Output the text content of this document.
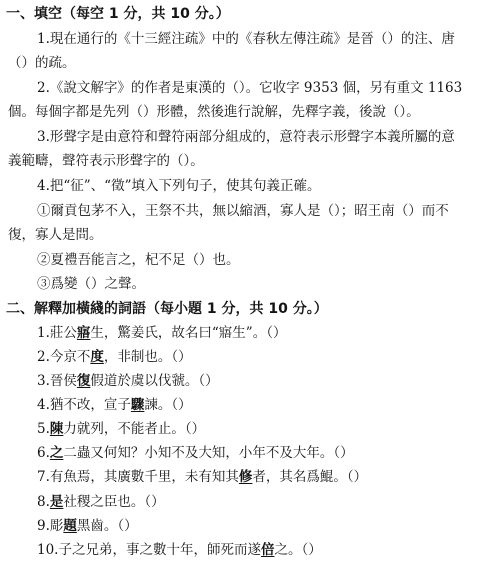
一、填空（每空 1 分，共 10 分。）
1.現在通行的《十三經注疏》中的《春秋左傳注疏》是晉（）的注、唐
（）的疏。
2.《說文解字》的作者是東漢的（）。它收字 9353 個，另有重文 1163
個。每個字都是先列（）形體，然後進行說解，先釋字義，後說（）。
3.形聲字是由意符和聲符兩部分組成的，意符表示形聲字本義所屬的意
義範疇，聲符表示形聲字的（）。
4.把“征”、“徵”填入下列句子，使其句義正確。
①爾貢包茅不入，王祭不共，無以縮酒，寡人是（）；昭王南（）而不
復，寡人是問。
②夏禮吾能言之，杞不足（）也。
③爲變（）之聲。
二、解釋加橫綫的詞語（每小題 1 分，共 10 分。）
1.莊公寤生，驚姜氏，故名曰“寤生”。（）
2.今京不度，非制也。（）
3.晉侯復假道於虞以伐虢。（）
4.猶不改，宣子驟諫。（）
5.陳力就列，不能者止。（）
6.之二蟲又何知？小知不及大知，小年不及大年。（）
7.有魚焉，其廣數千里，未有知其修者，其名爲鯤。（）
8.是社稷之臣也。（）
9.彫題黑齒。（）
10.子之兄弟，事之數十年，師死而遂倍之。（）
